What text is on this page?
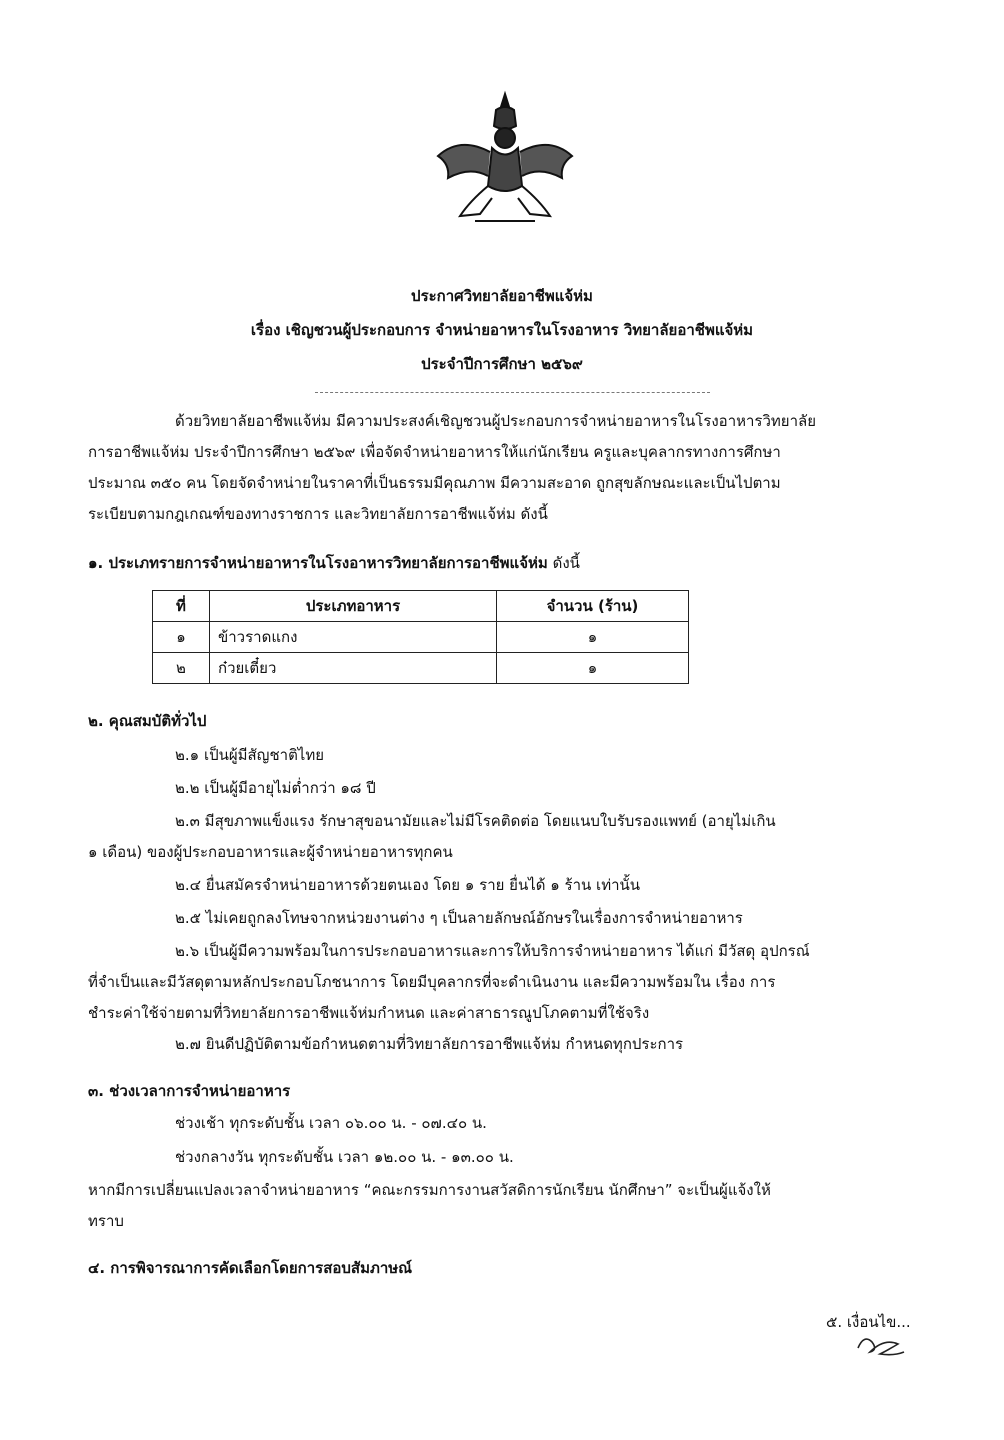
ประกาศวิทยาลัยอาชีพแจ้ห่ม
เรื่อง เชิญชวนผู้ประกอบการ จำหน่ายอาหารในโรงอาหาร วิทยาลัยอาชีพแจ้ห่ม
ประจำปีการศึกษา ๒๕๖๙
ด้วยวิทยาลัยอาชีพแจ้ห่ม มีความประสงค์เชิญชวนผู้ประกอบการจำหน่ายอาหารในโรงอาหารวิทยาลัย
การอาชีพแจ้ห่ม ประจำปีการศึกษา ๒๕๖๙ เพื่อจัดจำหน่ายอาหารให้แก่นักเรียน ครูและบุคลากรทางการศึกษา
ประมาณ ๓๕๐ คน โดยจัดจำหน่ายในราคาที่เป็นธรรมมีคุณภาพ มีความสะอาด ถูกสุขลักษณะและเป็นไปตาม
ระเบียบตามกฎเกณฑ์ของทางราชการ และวิทยาลัยการอาชีพแจ้ห่ม ดังนี้
๑. ประเภทรายการจำหน่ายอาหารในโรงอาหารวิทยาลัยการอาชีพแจ้ห่ม ดังนี้
ที่	ประเภทอาหาร	จำนวน (ร้าน)
๑	ข้าวราดแกง	๑
๒	ก๋วยเตี๋ยว	๑
๒. คุณสมบัติทั่วไป
๒.๑ เป็นผู้มีสัญชาติไทย
๒.๒ เป็นผู้มีอายุไม่ต่ำกว่า ๑๘ ปี
๒.๓ มีสุขภาพแข็งแรง รักษาสุขอนามัยและไม่มีโรคติดต่อ โดยแนบใบรับรองแพทย์ (อายุไม่เกิน
๑ เดือน) ของผู้ประกอบอาหารและผู้จำหน่ายอาหารทุกคน
๒.๔ ยื่นสมัครจำหน่ายอาหารด้วยตนเอง โดย ๑ ราย ยื่นได้ ๑ ร้าน เท่านั้น
๒.๕ ไม่เคยถูกลงโทษจากหน่วยงานต่าง ๆ เป็นลายลักษณ์อักษรในเรื่องการจำหน่ายอาหาร
๒.๖ เป็นผู้มีความพร้อมในการประกอบอาหารและการให้บริการจำหน่ายอาหาร ได้แก่ มีวัสดุ อุปกรณ์
ที่จำเป็นและมีวัสดุตามหลักประกอบโภชนาการ โดยมีบุคลากรที่จะดำเนินงาน และมีความพร้อมใน เรื่อง การ
ชำระค่าใช้จ่ายตามที่วิทยาลัยการอาชีพแจ้ห่มกำหนด และค่าสาธารณูปโภคตามที่ใช้จริง
๒.๗ ยินดีปฏิบัติตามข้อกำหนดตามที่วิทยาลัยการอาชีพแจ้ห่ม กำหนดทุกประการ
๓. ช่วงเวลาการจำหน่ายอาหาร
ช่วงเช้า ทุกระดับชั้น เวลา ๐๖.๐๐ น. - ๐๗.๔๐ น.
ช่วงกลางวัน ทุกระดับชั้น เวลา ๑๒.๐๐ น. - ๑๓.๐๐ น.
หากมีการเปลี่ยนแปลงเวลาจำหน่ายอาหาร “คณะกรรมการงานสวัสดิการนักเรียน นักศึกษา” จะเป็นผู้แจ้งให้
ทราบ
๔. การพิจารณาการคัดเลือกโดยการสอบสัมภาษณ์
๕. เงื่อนไข...
